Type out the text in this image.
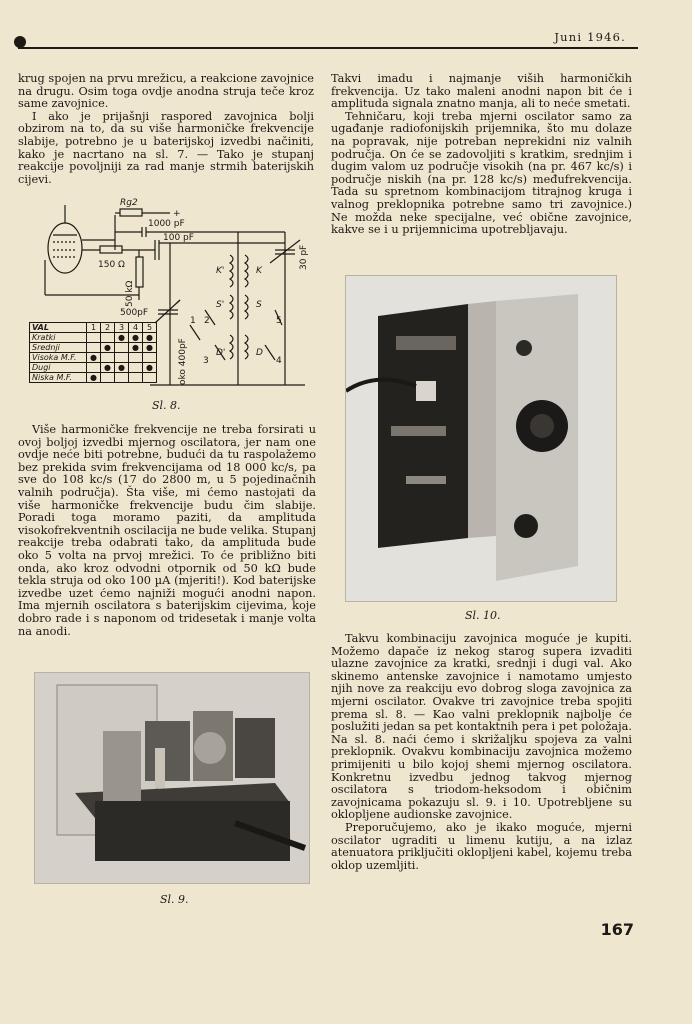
Juni 1946.

krug spojen na prvu mrežicu, a reakcione zavojnice na drugu. Osim toga ovdje anodna struja teče kroz same zavojnice.

I ako je prijašnji raspored zavojnica bolji obzirom na to, da su više harmoničke frekvencije slabije, potrebno je u baterijskoj izvedbi načiniti, kako je nacrtano na sl. 7. — Tako je stupanj reakcije povoljniji za rad manje strmih baterijskih cijevi.

Rg2
+
1000 pF
100 pF
150 Ω
50 kΩ
500pF
30 pF
oko 400pF
K'	K
S'	S
D'	D
1 2
3	4
5
VAL	1	2	3	4	5
Kratki			●	●	●
Srednji		●		●	●
Visoka M.F.	●				
Dugi		●	●		●
Niska M.F.	●				
Sl. 8.

Više harmoničke frekvencije ne treba forsirati u ovoj boljoj izvedbi mjernog oscilatora, jer nam one ovdje neće biti potrebne, budući da tu raspolažemo bez prekida svim frekvencijama od 18 000 kc/s, pa sve do 108 kc/s (17 do 2800 m, u 5 pojedinačnih valnih područja). Šta više, mi ćemo nastojati da više harmoničke frekvencije budu čim slabije. Poradi toga moramo paziti, da amplituda visokofrekventnih oscilacija ne bude velika. Stupanj reakcije treba odabrati tako, da amplituda bude oko 5 volta na prvoj mrežici. To će približno biti onda, ako kroz odvodni otpornik od 50 kΩ bude tekla struja od oko 100 µA (mjeriti!). Kod baterijske izvedbe uzet ćemo najniži mogući anodni napon. Ima mjernih oscilatora s baterijskim cijevima, koje dobro rade i s naponom od tridesetak i manje volta na anodi.

Sl. 9.

Takvi imadu i najmanje viših harmoničkih frekvencija. Uz tako maleni anodni napon bit će i amplituda signala znatno manja, ali to neće smetati.

Tehničaru, koji treba mjerni oscilator samo za ugađanje radiofonijskih prijemnika, što mu dolaze na popravak, nije potreban neprekidni niz valnih područja. On će se zadovoljiti s kratkim, srednjim i dugim valom uz područje visokih (na pr. 467 kc/s) i područje niskih (na pr. 128 kc/s) međufrekvencija. Tada su spretnom kombinacijom titrajnog kruga i valnog preklopnika potrebne samo tri zavojnice.) Ne možda neke specijalne, već obične zavojnice, kakve se i u prijemnicima upotrebljavaju.

Sl. 10.

Takvu kombinaciju zavojnica moguće je kupiti. Možemo dapače iz nekog starog supera izvaditi ulazne zavojnice za kratki, srednji i dugi val. Ako skinemo antenske zavojnice i namotamo umjesto njih nove za reakciju evo dobrog sloga zavojnica za mjerni oscilator. Ovakve tri zavojnice treba spojiti prema sl. 8. — Kao valni preklopnik najbolje će poslužiti jedan sa pet kontaktnih pera i pet položaja. Na sl. 8. naći ćemo i skrižaljku spojeva za valni preklopnik. Ovakvu kombinaciju zavojnica možemo primijeniti u bilo kojoj shemi mjernog oscilatora. Konkretnu izvedbu jednog takvog mjernog oscilatora s triodom-heksodom i običnim zavojnicama pokazuju sl. 9. i 10. Upotrebljene su oklopljene audionske zavojnice.

Preporučujemo, ako je ikako moguće, mjerni oscilator ugraditi u limenu kutiju, a na izlaz atenuatora priključiti oklopljeni kabel, kojemu treba oklop uzemljiti.

167
